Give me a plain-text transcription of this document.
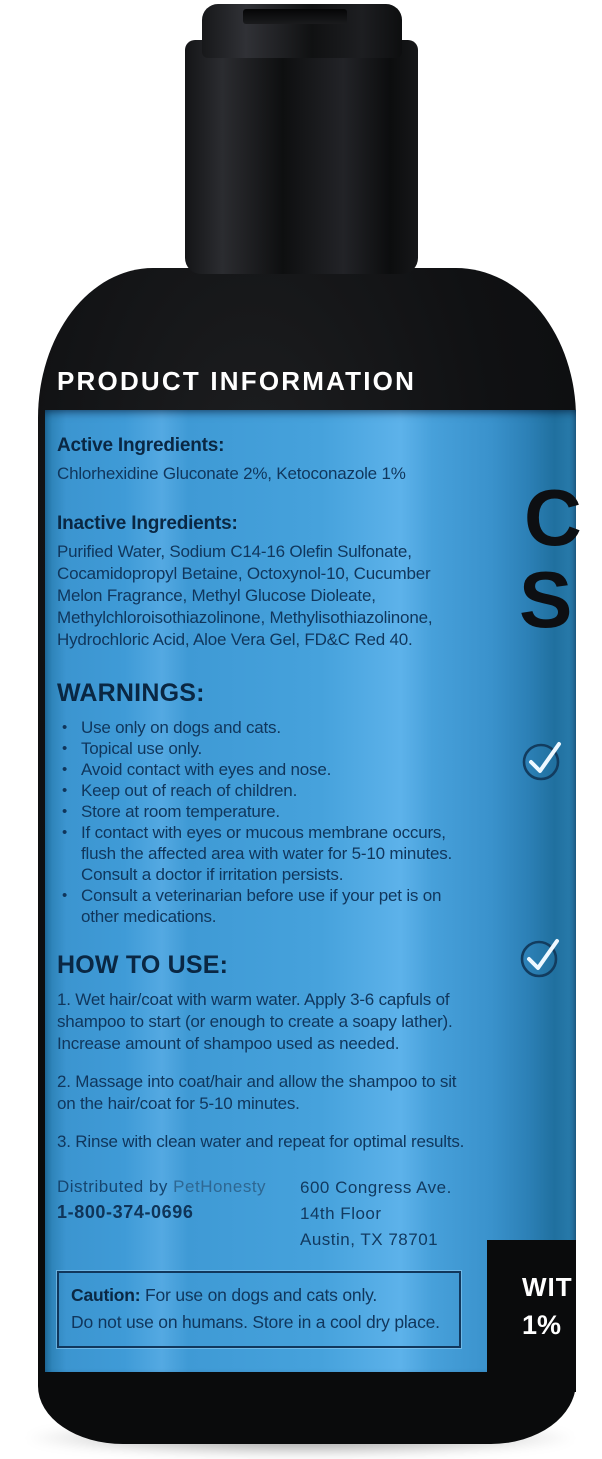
PRODUCT INFORMATION
Active Ingredients:

Chlorhexidine Gluconate 2%, Ketoconazole 1%

Inactive Ingredients:

Purified Water, Sodium C14-16 Olefin Sulfonate, Cocamidopropyl Betaine, Octoxynol-10, Cucumber Melon Fragrance, Methyl Glucose Dioleate, Methylchloroisothiazolinone, Methylisothiazolinone, Hydrochloric Acid, Aloe Vera Gel, FD&C Red 40.

WARNINGS:
• Use only on dogs and cats.
• Topical use only.
• Avoid contact with eyes and nose.
• Keep out of reach of children.
• Store at room temperature.
• If contact with eyes or mucous membrane occurs, flush the affected area with water for 5-10 minutes. Consult a doctor if irritation persists.
• Consult a veterinarian before use if your pet is on other medications.
HOW TO USE:

1. Wet hair/coat with warm water. Apply 3-6 capfuls of shampoo to start (or enough to create a soapy lather). Increase amount of shampoo used as needed.

2. Massage into coat/hair and allow the shampoo to sit on the hair/coat for 5-10 minutes.

3. Rinse with clean water and repeat for optimal results.

Distributed by PetHonesty
1-800-374-0696
600 Congress Ave.
14th Floor
Austin, TX 78701
Caution: For use on dogs and cats only.
Do not use on humans. Store in a cool dry place.
C
S
WIT
1%
